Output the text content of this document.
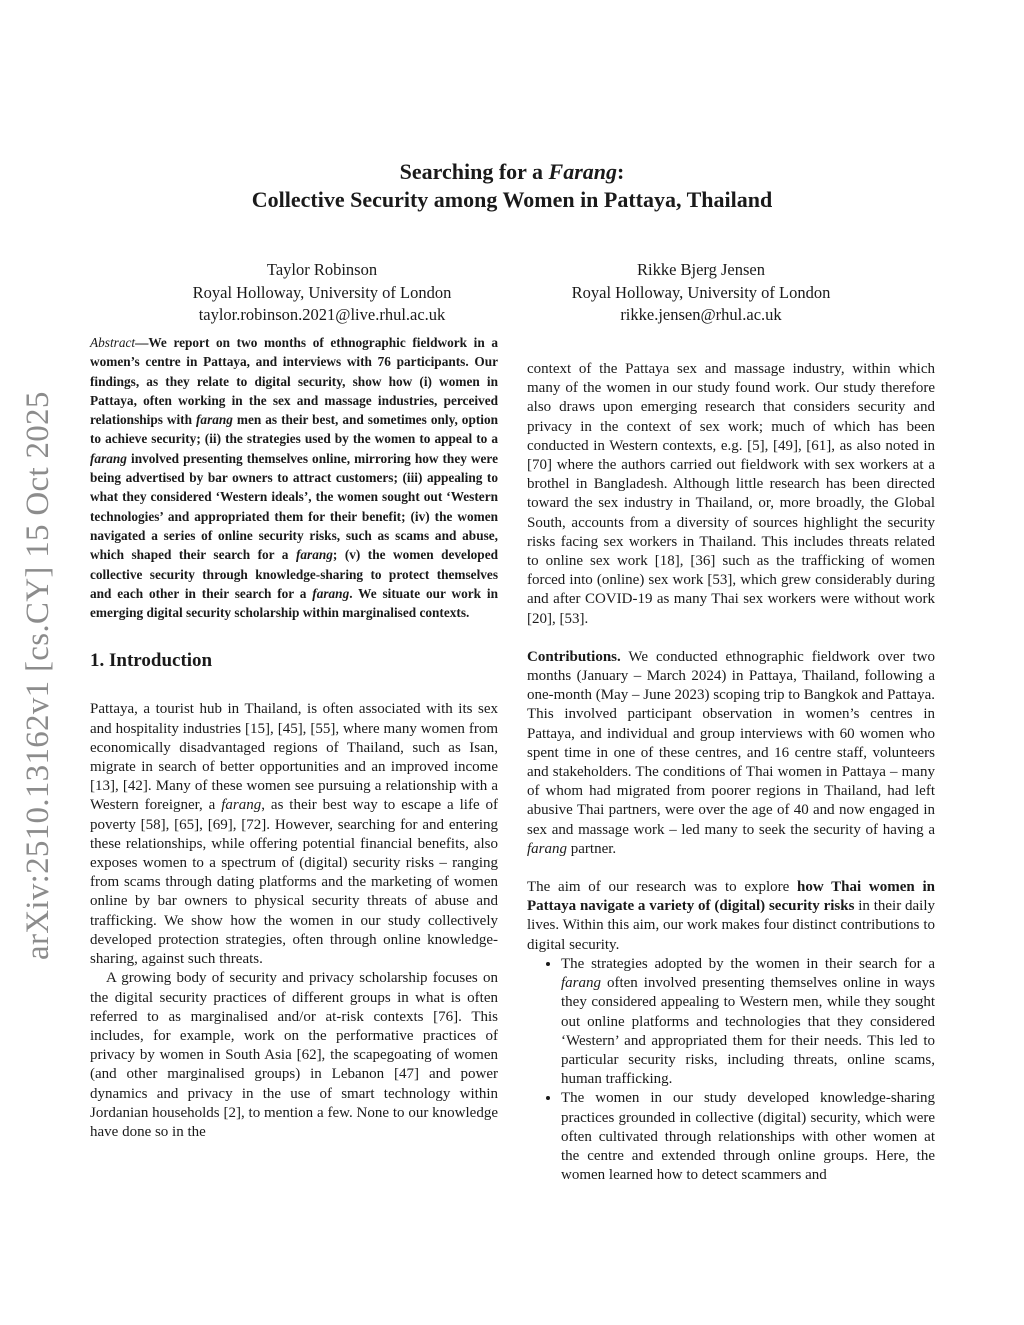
arXiv:2510.13162v1 [cs.CY] 15 Oct 2025
Searching for a Farang:
Collective Security among Women in Pattaya, Thailand
Taylor Robinson
Royal Holloway, University of London
taylor.robinson.2021@live.rhul.ac.uk
Rikke Bjerg Jensen
Royal Holloway, University of London
rikke.jensen@rhul.ac.uk

Abstract—We report on two months of ethnographic fieldwork in a women’s centre in Pattaya, and interviews with 76 participants. Our findings, as they relate to digital security, show how (i) women in Pattaya, often working in the sex and massage industries, perceived relationships with farang men as their best, and sometimes only, option to achieve security; (ii) the strategies used by the women to appeal to a farang involved presenting themselves online, mirroring how they were being advertised by bar owners to attract customers; (iii) appealing to what they considered ‘Western ideals’, the women sought out ‘Western technologies’ and appropriated them for their benefit; (iv) the women navigated a series of online security risks, such as scams and abuse, which shaped their search for a farang; (v) the women developed collective security through knowledge-sharing to protect themselves and each other in their search for a farang. We situate our work in emerging digital security scholarship within marginalised contexts.

1. Introduction

Pattaya, a tourist hub in Thailand, is often associated with its sex and hospitality industries [15], [45], [55], where many women from economically disadvantaged regions of Thailand, such as Isan, migrate in search of better opportunities and an improved income [13], [42]. Many of these women see pursuing a relationship with a Western foreigner, a farang, as their best way to escape a life of poverty [58], [65], [69], [72]. However, searching for and entering these relationships, while offering potential financial benefits, also exposes women to a spectrum of (digital) security risks – ranging from scams through dating platforms and the marketing of women online by bar owners to physical security threats of abuse and trafficking. We show how the women in our study collectively developed protection strategies, often through online knowledge-sharing, against such threats.

A growing body of security and privacy scholarship focuses on the digital security practices of different groups in what is often referred to as marginalised and/or at-risk contexts [76]. This includes, for example, work on the performative practices of privacy by women in South Asia [62], the scapegoating of women (and other marginalised groups) in Lebanon [47] and power dynamics and privacy in the use of smart technology within Jordanian households [2], to mention a few. None to our knowledge have done so in the

context of the Pattaya sex and massage industry, within which many of the women in our study found work. Our study therefore also draws upon emerging research that considers security and privacy in the context of sex work; much of which has been conducted in Western contexts, e.g. [5], [49], [61], as also noted in [70] where the authors carried out fieldwork with sex workers at a brothel in Bangladesh. Although little research has been directed toward the sex industry in Thailand, or, more broadly, the Global South, accounts from a diversity of sources highlight the security risks facing sex workers in Thailand. This includes threats related to online sex work [18], [36] such as the trafficking of women forced into (online) sex work [53], which grew considerably during and after COVID-19 as many Thai sex workers were without work [20], [53].

Contributions. We conducted ethnographic fieldwork over two months (January – March 2024) in Pattaya, Thailand, following a one-month (May – June 2023) scoping trip to Bangkok and Pattaya. This involved participant observation in women’s centres in Pattaya, and individual and group interviews with 60 women who spent time in one of these centres, and 16 centre staff, volunteers and stakeholders. The conditions of Thai women in Pattaya – many of whom had migrated from poorer regions in Thailand, had left abusive Thai partners, were over the age of 40 and now engaged in sex and massage work – led many to seek the security of having a farang partner.

The aim of our research was to explore how Thai women in Pattaya navigate a variety of (digital) security risks in their daily lives. Within this aim, our work makes four distinct contributions to digital security.

• The strategies adopted by the women in their search for a farang often involved presenting themselves online in ways they considered appealing to Western men, while they sought out online platforms and technologies that they considered ‘Western’ and appropriated them for their needs. This led to particular security risks, including threats, online scams, human trafficking.
• The women in our study developed knowledge-sharing practices grounded in collective (digital) security, which were often cultivated through relationships with other women at the centre and extended through online groups. Here, the women learned how to detect scammers and
